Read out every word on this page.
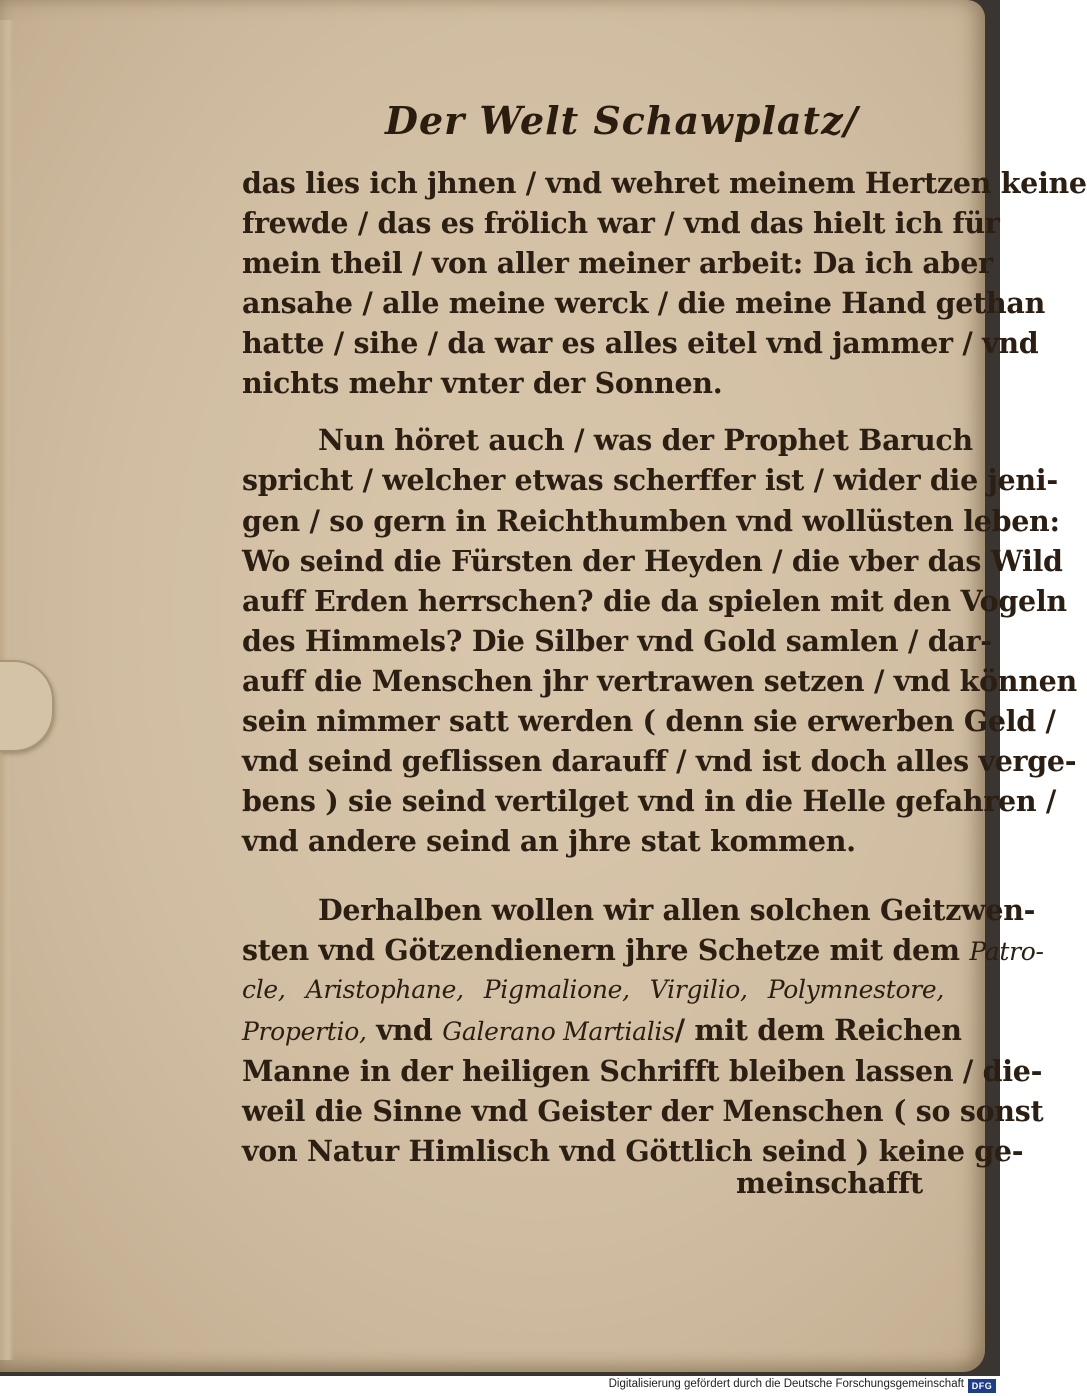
Der Welt Schawplatz/
das lies ich jhnen / vnd wehret meinem Hertzen keine
frewde / das es frölich war / vnd das hielt ich für
mein theil / von aller meiner arbeit: Da ich aber
ansahe / alle meine werck / die meine Hand gethan
hatte / sihe / da war es alles eitel vnd jammer / vnd
nichts mehr vnter der Sonnen.
Nun höret auch / was der Prophet Baruch
spricht / welcher etwas scherffer ist / wider die jeni-
gen / so gern in Reichthumben vnd wollüsten leben:
Wo seind die Fürsten der Heyden / die vber das Wild
auff Erden herrschen? die da spielen mit den Vogeln
des Himmels? Die Silber vnd Gold samlen / dar-
auff die Menschen jhr vertrawen setzen / vnd können
sein nimmer satt werden ( denn sie erwerben Geld /
vnd seind geflissen darauff / vnd ist doch alles verge-
bens ) sie seind vertilget vnd in die Helle gefahren /
vnd andere seind an jhre stat kommen.
Derhalben wollen wir allen solchen Geitzwen-
sten vnd Götzendienern jhre Schetze mit dem Patro-
cle, Aristophane, Pigmalione, Virgilio, Polymnestore,
Propertio, vnd Galerano Martialis/ mit dem Reichen
Manne in der heiligen Schrifft bleiben lassen / die-
weil die Sinne vnd Geister der Menschen ( so sonst
von Natur Himlisch vnd Göttlich seind ) keine ge-
meinschafft
Digitalisierung gefördert durch die Deutsche Forschungsgemeinschaft DFG
